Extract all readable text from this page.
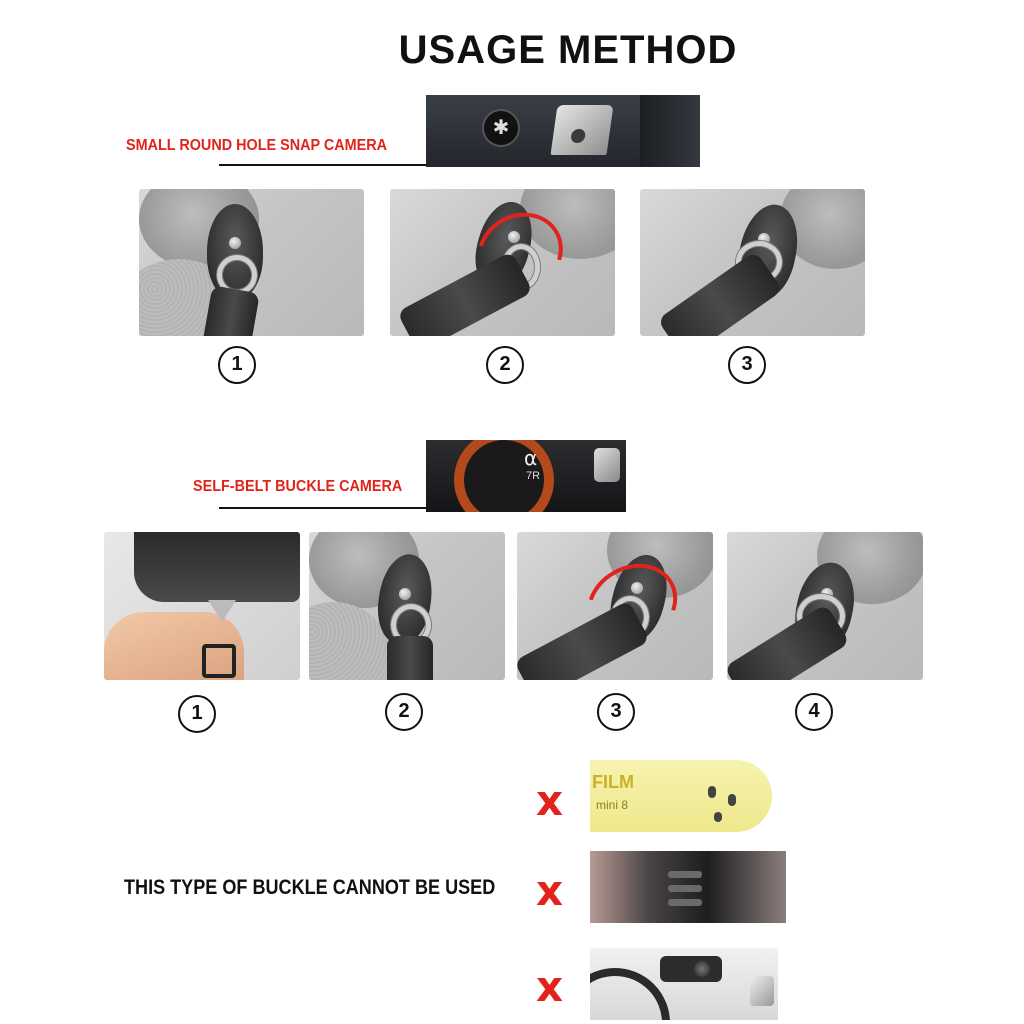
USAGE METHOD
SMALL ROUND HOLE SNAP CAMERA
✱
1	2	3
SELF-BELT BUCKLE CAMERA
α
7R
1	2	3	4
THIS TYPE OF BUCKLE CANNOT BE USED
x
x
x
FILM
mini 8
